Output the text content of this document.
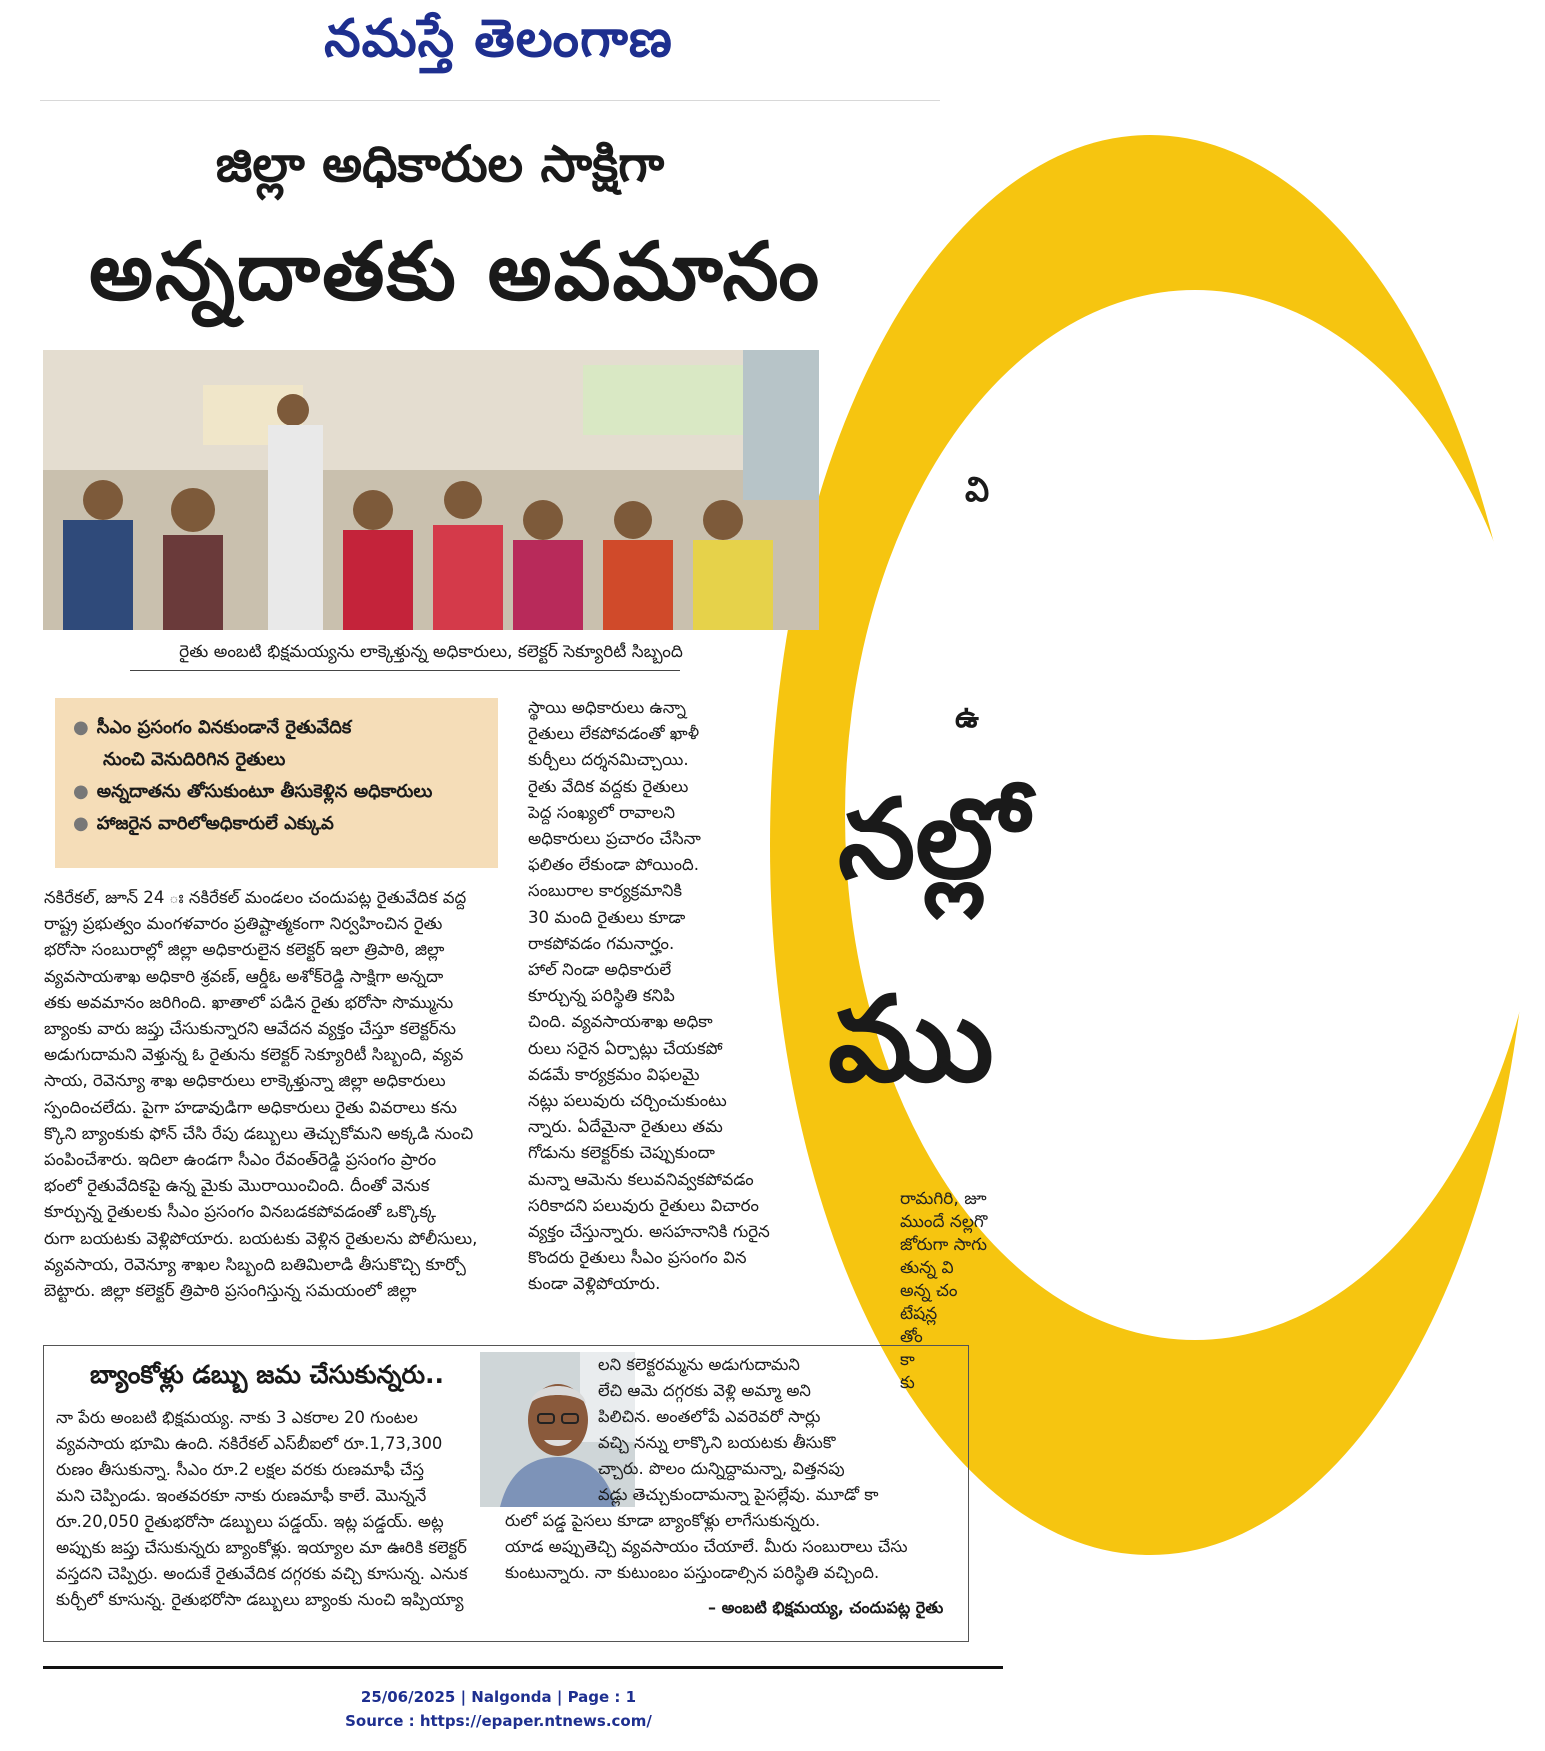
వి
ఉ
నల్లో
ము
రామగిరి, జూ
ముందే నల్లగొ
జోరుగా సాగు
తున్న వి
అన్న చం
టేషన్ల
తోం
కా
కు
నమస్తే తెలంగాణ
జిల్లా అధికారుల సాక్షిగా
అన్నదాతకు అవమానం
రైతు అంబటి భిక్షమయ్యను లాక్కెళ్తున్న అధికారులు, కలెక్టర్ సెక్యూరిటీ సిబ్బంది
● సీఎం ప్రసంగం వినకుండానే రైతువేదిక
నుంచి వెనుదిరిగిన రైతులు
● అన్నదాతను తోసుకుంటూ తీసుకెళ్లిన అధికారులు
● హాజరైన వారిలోఅధికారులే ఎక్కువ
నకిరేకల్, జూన్ 24 ః నకిరేకల్ మండలం చందుపట్ల రైతువేదిక వద్ద
రాష్ట్ర ప్రభుత్వం మంగళవారం ప్రతిష్టాత్మకంగా నిర్వహించిన రైతు
భరోసా సంబురాల్లో జిల్లా అధికారులైన కలెక్టర్ ఇలా త్రిపాఠి, జిల్లా
వ్యవసాయశాఖ అధికారి శ్రవణ్, ఆర్డీఓ అశోక్‌రెడ్డి సాక్షిగా అన్నదా
తకు అవమానం జరిగింది. ఖాతాలో పడిన రైతు భరోసా సొమ్మును
బ్యాంకు వారు జప్తు చేసుకున్నారని ఆవేదన వ్యక్తం చేస్తూ కలెక్టర్‌ను
అడుగుదామని వెళ్తున్న ఓ రైతును కలెక్టర్ సెక్యూరిటీ సిబ్బంది, వ్యవ
సాయ, రెవెన్యూ శాఖ అధికారులు లాక్కెళ్తున్నా జిల్లా అధికారులు
స్పందించలేదు. పైగా హడావుడిగా అధికారులు రైతు వివరాలు కను
క్కొని బ్యాంకుకు ఫోన్ చేసి రేపు డబ్బులు తెచ్చుకోమని అక్కడి నుంచి
పంపించేశారు. ఇదిలా ఉండగా సీఎం రేవంత్‌రెడ్డి ప్రసంగం ప్రారం
భంలో రైతువేదికపై ఉన్న మైకు మొరాయించింది. దీంతో వెనుక
కూర్చున్న రైతులకు సీఎం ప్రసంగం వినబడకపోవడంతో ఒక్కొక్క
రుగా బయటకు వెళ్లిపోయారు. బయటకు వెళ్లిన రైతులను పోలీసులు,
వ్యవసాయ, రెవెన్యూ శాఖల సిబ్బంది బతిమిలాడి తీసుకొచ్చి కూర్చో
బెట్టారు. జిల్లా కలెక్టర్ త్రిపాఠి ప్రసంగిస్తున్న సమయంలో జిల్లా
స్థాయి అధికారులు ఉన్నా
రైతులు లేకపోవడంతో ఖాళీ
కుర్చీలు దర్శనమిచ్చాయి.
రైతు వేదిక వద్దకు రైతులు
పెద్ద సంఖ్యలో రావాలని
అధికారులు ప్రచారం చేసినా
ఫలితం లేకుండా పోయింది.
సంబురాల కార్యక్రమానికి
30 మంది రైతులు కూడా
రాకపోవడం గమనార్హం.
హాల్ నిండా అధికారులే
కూర్చున్న పరిస్థితి కనిపి
చింది. వ్యవసాయశాఖ అధికా
రులు సరైన ఏర్పాట్లు చేయకపో
వడమే కార్యక్రమం విఫలమై
నట్లు పలువురు చర్చించుకుంటు
న్నారు. ఏదేమైనా రైతులు తమ
గోడును కలెక్టర్‌కు చెప్పుకుందా
మన్నా ఆమెను కలువనివ్వకపోవడం
సరికాదని పలువురు రైతులు విచారం
వ్యక్తం చేస్తున్నారు. అసహనానికి గురైన
కొందరు రైతులు సీఎం ప్రసంగం విన
కుండా వెళ్లిపోయారు.
బ్యాంకోళ్లు డబ్బు జమ చేసుకున్నరు..
నా పేరు అంబటి భిక్షమయ్య. నాకు 3 ఎకరాల 20 గుంటల
వ్యవసాయ భూమి ఉంది. నకిరేకల్ ఎస్‌బీఐలో రూ.1,73,300
రుణం తీసుకున్నా. సీఎం రూ.2 లక్షల వరకు రుణమాఫీ చేస్త
మని చెప్పిండు. ఇంతవరకూ నాకు రుణమాఫీ కాలే. మొన్ననే
రూ.20,050 రైతుభరోసా డబ్బులు పడ్డయ్. ఇట్ల పడ్డయ్. అట్ల
అప్పుకు జప్తు చేసుకున్నరు బ్యాంకోళ్లు. ఇయ్యాల మా ఊరికి కలెక్టర్
వస్తదని చెప్పిర్రు. అందుకే రైతువేదిక దగ్గరకు వచ్చి కూసున్న. ఎనుక
కుర్చీలో కూసున్న. రైతుభరోసా డబ్బులు బ్యాంకు నుంచి ఇప్పియ్యా
లని కలెక్టరమ్మను అడుగుదామని
లేచి ఆమె దగ్గరకు వెళ్లి అమ్మా అని
పిలిచిన. అంతలోపే ఎవరెవరో సార్లు
వచ్చి నన్ను లాక్కొని బయటకు తీసుకొ
చ్చారు. పొలం దున్నిద్దామన్నా, విత్తనపు
వడ్లు తెచ్చుకుందామన్నా పైసల్లేవు. మూడో కా
రులో పడ్డ పైసలు కూడా బ్యాంకోళ్లు లాగేసుకున్నరు.
యాడ అప్పుతెచ్చి వ్యవసాయం చేయాలే. మీరు సంబురాలు చేసు
కుంటున్నారు. నా కుటుంబం పస్తుండాల్సిన పరిస్థితి వచ్చింది.
– అంబటి భిక్షమయ్య, చందుపట్ల రైతు
25/06/2025 | Nalgonda | Page : 1
Source : https://epaper.ntnews.com/
